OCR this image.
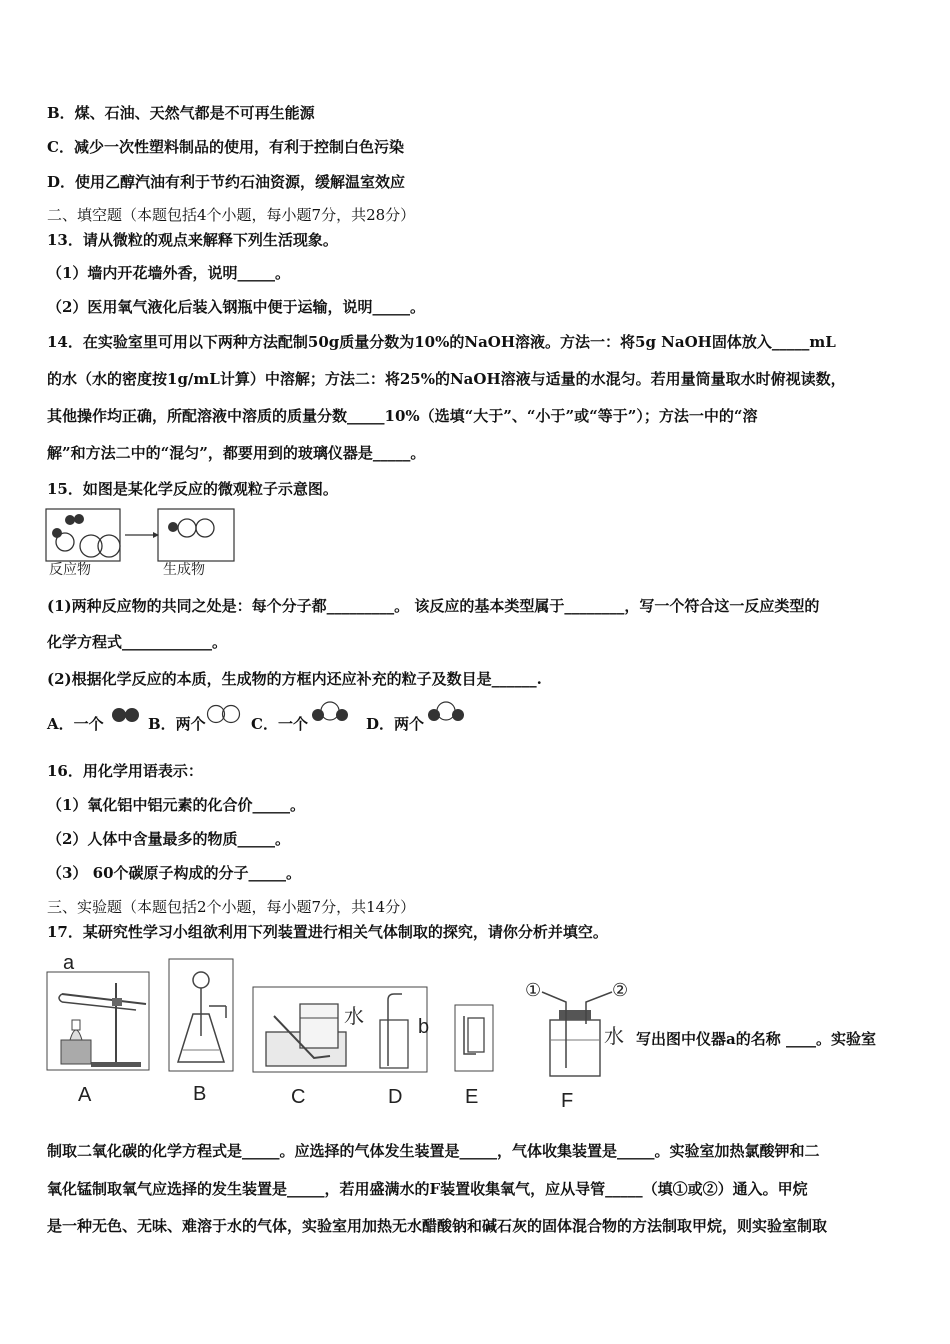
B．煤、石油、天然气都是不可再生能源
C．减少一次性塑料制品的使用，有利于控制白色污染
D．使用乙醇汽油有利于节约石油资源，缓解温室效应
二、填空题（本题包括4个小题，每小题7分，共28分）
13．请从微粒的观点来解释下列生活现象。
（1）墙内开花墙外香，说明_____。
（2）医用氧气液化后装入钢瓶中便于运输，说明_____。
14．在实验室里可用以下两种方法配制50g质量分数为10%的NaOH溶液。方法一：将5g NaOH固体放入_____mL
的水（水的密度按1g/mL计算）中溶解；方法二：将25%的NaOH溶液与适量的水混匀。若用量筒量取水时俯视读数，
其他操作均正确，所配溶液中溶质的质量分数_____10%（选填“大于”、“小于”或“等于”）；方法一中的“溶
解”和方法二中的“混匀”，都要用到的玻璃仪器是_____。
15．如图是某化学反应的微观粒子示意图。
反应物	生成物
(1)两种反应物的共同之处是：每个分子都_________。 该反应的基本类型属于________，写一个符合这一反应类型的
化学方程式____________。
(2)根据化学反应的本质，生成物的方框内还应补充的粒子及数目是______.
A．一个	B．两个	C．一个	D．两个
16．用化学用语表示：
（1）氧化铝中铝元素的化合价_____。
（2）人体中含量最多的物质_____。
（3） 60个碳原子构成的分子_____。
三、实验题（本题包括2个小题，每小题7分，共14分）
17．某研究性学习小组欲利用下列装置进行相关气体制取的探究，请你分析并填空。
a
水	b
①	②
水 写出图中仪器a的名称 ____。实验室
A	B	C	D	E	F
制取二氧化碳的化学方程式是_____。应选择的气体发生装置是_____，气体收集装置是_____。实验室加热氯酸钾和二
氧化锰制取氧气应选择的发生装置是_____，若用盛满水的F装置收集氧气，应从导管_____（填①或②）通入。甲烷
是一种无色、无味、难溶于水的气体，实验室用加热无水醋酸钠和碱石灰的固体混合物的方法制取甲烷，则实验室制取
